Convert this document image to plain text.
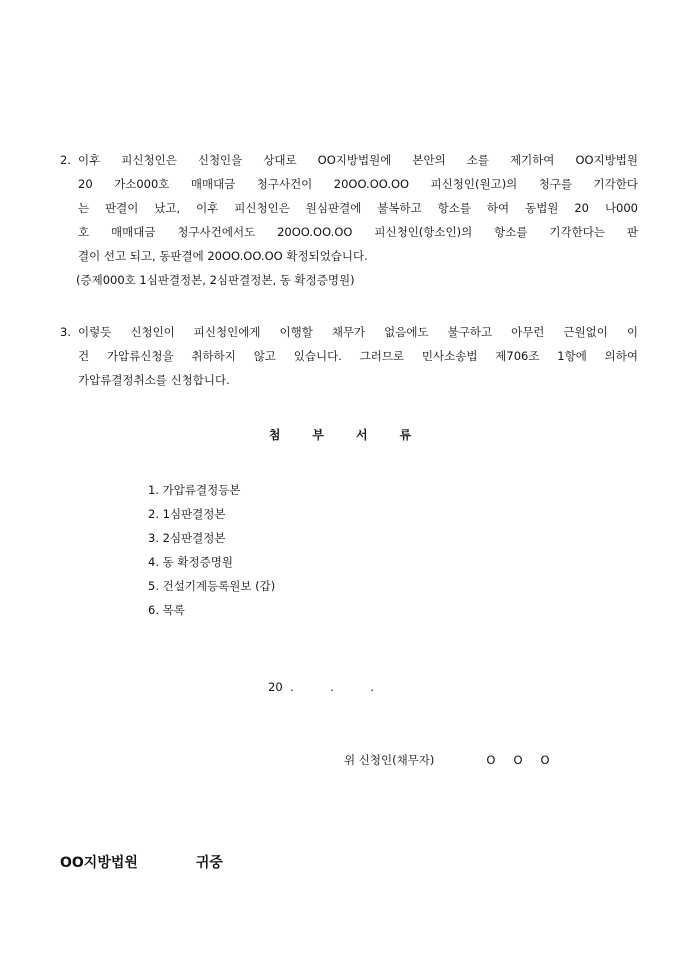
2. 이후 피신청인은 신청인을 상대로 OO지방법원에 본안의 소를 제기하여 OO지방법원
20 가소000호 매매대금 청구사건이 20OO.OO.OO 피신청인(원고)의 청구를 기각한다
는 판결이 났고, 이후 피신청인은 원심판결에 불복하고 항소를 하여 동법원 20 나000
호 매매대금 청구사건에서도 20OO.OO.OO 피신청인(항소인)의 항소를 기각한다는 판
결이 선고 되고, 동판결에 20OO.OO.OO 확정되었습니다.
(증제000호 1심판결정본, 2심판결정본, 동 확정증명원)
3. 이렇듯 신청인이 피신청인에게 이행할 채무가 없음에도 불구하고 아무런 근원없이 이
건 가압류신청을 취하하지 않고 있습니다. 그러므로 민사소송법 제706조 1항에 의하여
가압류결정취소를 신청합니다.
첨부서류
1. 가압류결정등본
2. 1심판결정본
3. 2심판결정본
4. 동 확정증명원
5. 건설기계등록원보 (갑)
6. 목록
20  .          .          .
위 신청인(채무자)	OOO
OO지방법원	귀중
